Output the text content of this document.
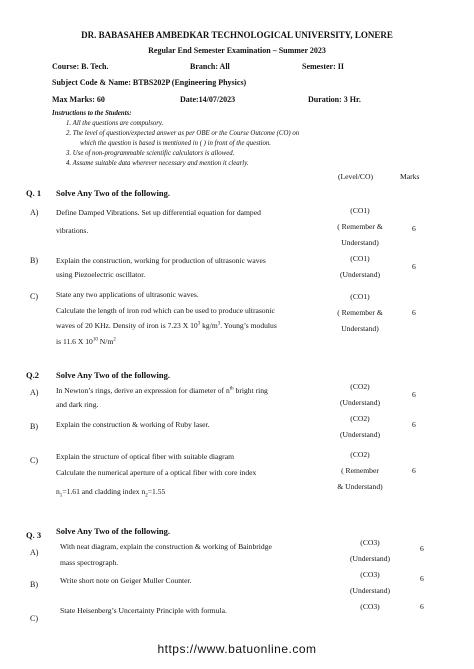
DR. BABASAHEB AMBEDKAR TECHNOLOGICAL UNIVERSITY, LONERE
Regular End Semester Examination – Summer 2023
Course: B. Tech.	Branch: All	Semester: II
Subject Code & Name: BTBS202P (Engineering Physics)
Max Marks: 60	Date:14/07/2023	Duration: 3 Hr.
Instructions to the Students:
1. All the questions are compulsory.
2. The level of question/expected answer as per OBE or the Course Outcome (CO) on
which the question is based is mentioned in ( ) in front of the question.
3. Use of non-programmable scientific calculators is allowed.
4. Assume suitable data wherever necessary and mention it clearly.
(Level/CO)	Marks
Q. 1 Solve Any Two of the following.
A) Define Damped Vibrations. Set up differential equation for damped
vibrations.
(CO1)
( Remember &
Understand)
6
B) Explain the construction, working for production of ultrasonic waves
using Piezoelectric oscillator.
(CO1)
(Understand)
6
C) State any two applications of ultrasonic waves.
Calculate the length of iron rod which can be used to produce ultrasonic
waves of 20 KHz. Density of iron is 7.23 X $10^3$ $kg/m^3$. Young’s modulus
is 11.6 X $10^{10}$ $N/m^2$
(CO1)
( Remember &
Understand)
6
Q.2 Solve Any Two of the following.
A) In Newton’s rings, derive an expression for diameter of $n^{th}$ bright ring
and dark ring.
(CO2)
(Understand)
6
B) Explain the construction & working of Ruby laser.
(CO2)
(Understand)
6
C) Explain the structure of optical fiber with suitable diagram
Calculate the numerical aperture of a optical fiber with core index
$n_1=1.61$ and cladding index $n_2=1.55$
(CO2)
( Remember
& Understand)
6
Q. 3 Solve Any Two of the following.
A)
With neat diagram, explain the construction & working of Bainbridge
mass spectrograph.
(CO3)
(Understand)
6
B)	Write short note on Geiger Muller Counter.
(CO3)
(Understand)
6
C)
State Heisenberg’s Uncertainty Principle with formula.	(CO3)	6
https://www.batuonline.com
